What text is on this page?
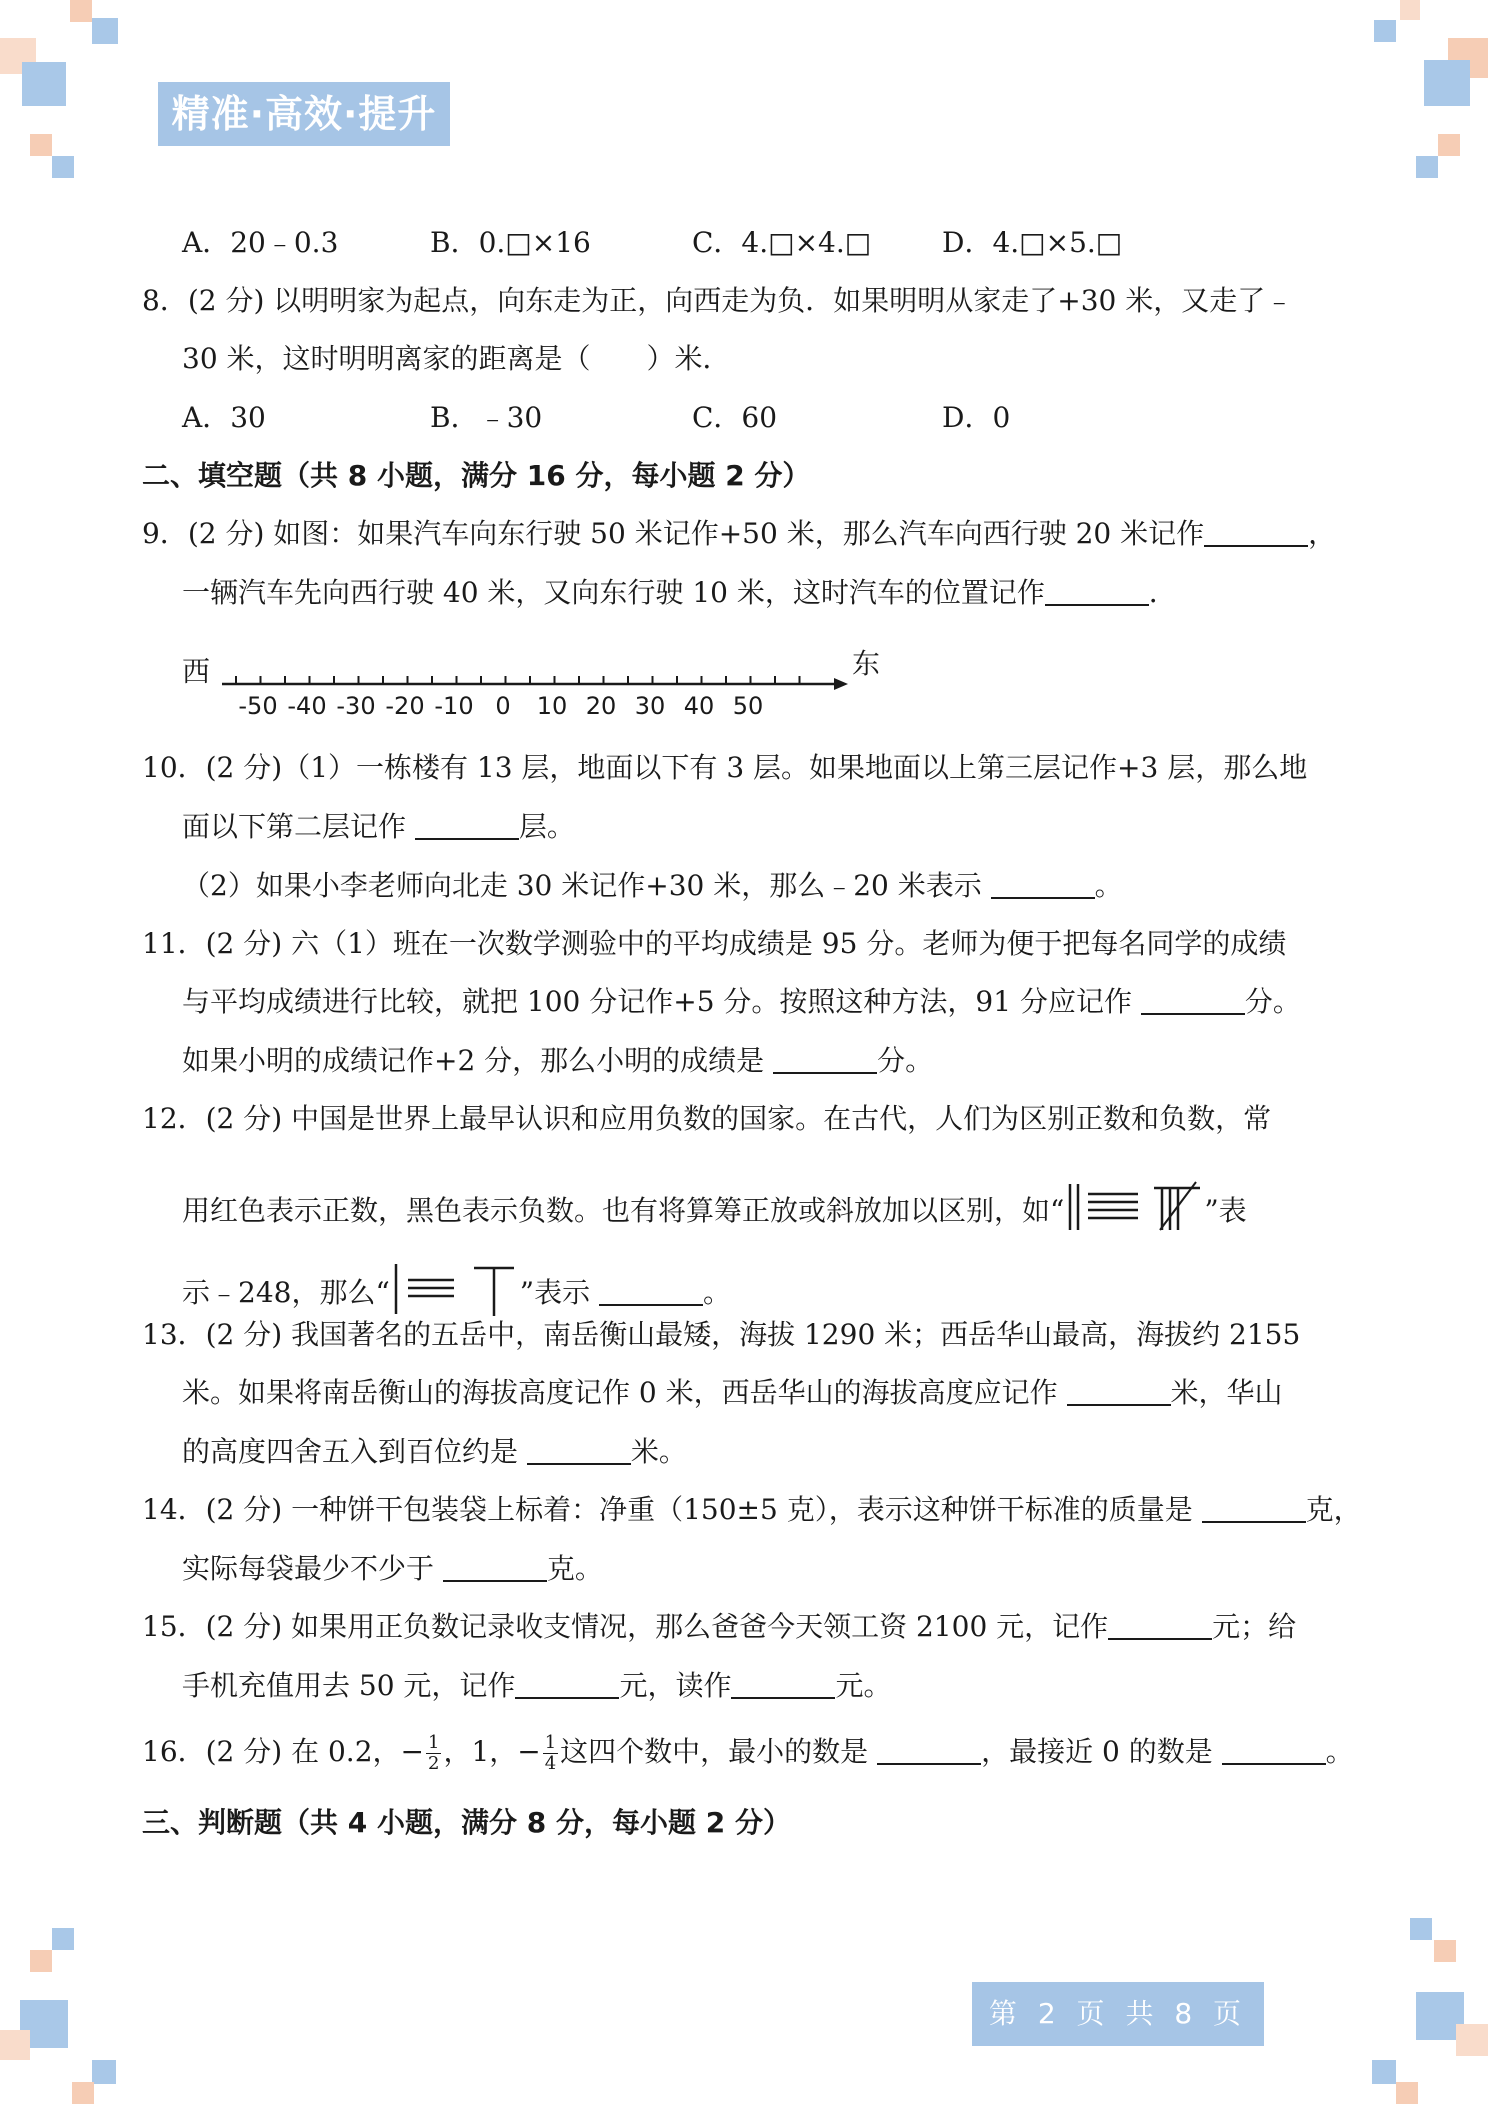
精准·高效·提升
A．20﹣0.3	B．0.□×16	C．4.□×4.□	D．4.□×5.□
8．(2 分) 以明明家为起点，向东走为正，向西走为负．如果明明从家走了+30 米，又走了﹣
30 米，这时明明离家的距离是（　　）米．
A．30	B．﹣30	C．60	D．0
二、填空题（共 8 小题，满分 16 分，每小题 2 分）
9．(2 分) 如图：如果汽车向东行驶 50 米记作+50 米，那么汽车向西行驶 20 米记作	，
一辆汽车先向西行驶 40 米，又向东行驶 10 米，这时汽车的位置记作	．
西	东
-50 -40 -30 -20 -10 0 10 20 30 40 50
10．(2 分)（1）一栋楼有 13 层，地面以下有 3 层。如果地面以上第三层记作+3 层，那么地
面以下第二层记作	层。
（2）如果小李老师向北走 30 米记作+30 米，那么﹣20 米表示	。
11．(2 分) 六（1）班在一次数学测验中的平均成绩是 95 分。老师为便于把每名同学的成绩
与平均成绩进行比较，就把 100 分记作+5 分。按照这种方法，91 分应记作	分。
如果小明的成绩记作+2 分，那么小明的成绩是	分。
12．(2 分) 中国是世界上最早认识和应用负数的国家。在古代，人们为区别正数和负数，常
用红色表示正数，黑色表示负数。也有将算筹正放或斜放加以区别，如“	”表
示﹣248，那么“	”表示	。
13．(2 分) 我国著名的五岳中，南岳衡山最矮，海拔 1290 米；西岳华山最高，海拔约 2155
米。如果将南岳衡山的海拔高度记作 0 米，西岳华山的海拔高度应记作	米，华山
的高度四舍五入到百位约是	米。
14．(2 分) 一种饼干包装袋上标着：净重（150±5 克），表示这种饼干标准的质量是	克，
实际每袋最少不少于	克。
15．(2 分) 如果用正负数记录收支情况，那么爸爸今天领工资 2100 元，记作	元；给
手机充值用去 50 元，记作	元，读作	元。
16．(2 分) 在 0.2，− $\frac{1}{2}$ ，1，− $\frac{1}{4}$ 这四个数中，最小的数是	，最接近 0 的数是	。
三、判断题（共 4 小题，满分 8 分，每小题 2 分）
第 2 页 共 8 页
